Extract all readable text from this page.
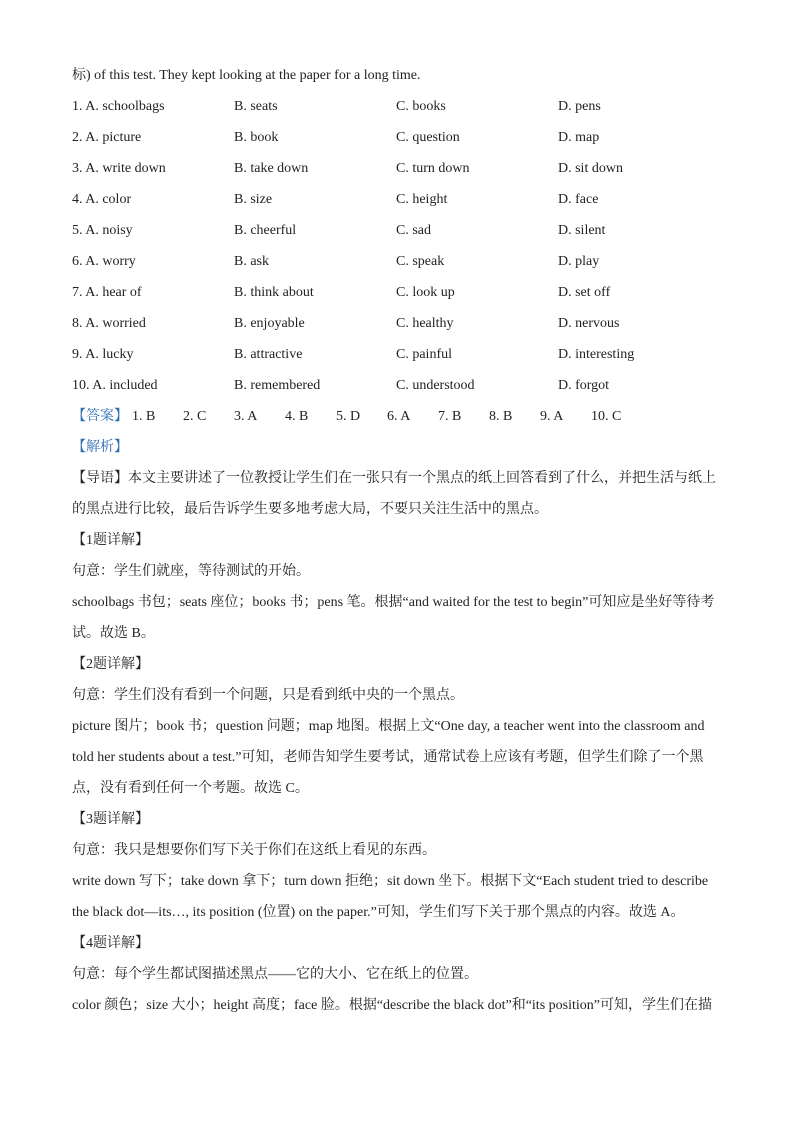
标) of this test. They kept looking at the paper for a long time.
1. A. schoolbags	B. seats	C. books	D. pens
2. A. picture	B. book	C. question	D. map
3. A. write down	B. take down	C. turn down	D. sit down
4. A. color	B. size	C. height	D. face
5. A. noisy	B. cheerful	C. sad	D. silent
6. A. worry	B. ask	C. speak	D. play
7. A. hear of	B. think about	C. look up	D. set off
8. A. worried	B. enjoyable	C. healthy	D. nervous
9. A. lucky	B. attractive	C. painful	D. interesting
10. A. included	B. remembered	C. understood	D. forgot
【答案】 1. B	2. C	3. A	4. B	5. D	6. A	7. B	8. B	9. A	10. C
【解析】
【导语】本文主要讲述了一位教授让学生们在一张只有一个黑点的纸上回答看到了什么，并把生活与纸上的黑点进行比较，最后告诉学生要多地考虑大局，不要只关注生活中的黑点。
【1题详解】
句意：学生们就座，等待测试的开始。
schoolbags 书包；seats 座位；books 书；pens 笔。根据“and waited for the test to begin”可知应是坐好等待考试。故选 B。
【2题详解】
句意：学生们没有看到一个问题，只是看到纸中央的一个黑点。
picture 图片；book 书；question 问题；map 地图。根据上文“One day, a teacher went into the classroom and told her students about a test.”可知，老师告知学生要考试，通常试卷上应该有考题，但学生们除了一个黑点，没有看到任何一个考题。故选 C。
【3题详解】
句意：我只是想要你们写下关于你们在这纸上看见的东西。
write down 写下；take down 拿下；turn down 拒绝；sit down 坐下。根据下文“Each student tried to describe the black dot—its…, its position (位置) on the paper.”可知，学生们写下关于那个黑点的内容。故选 A。
【4题详解】
句意：每个学生都试图描述黑点——它的大小、它在纸上的位置。
color 颜色；size 大小；height 高度；face 脸。根据“describe the black dot”和“its position”可知，学生们在描
